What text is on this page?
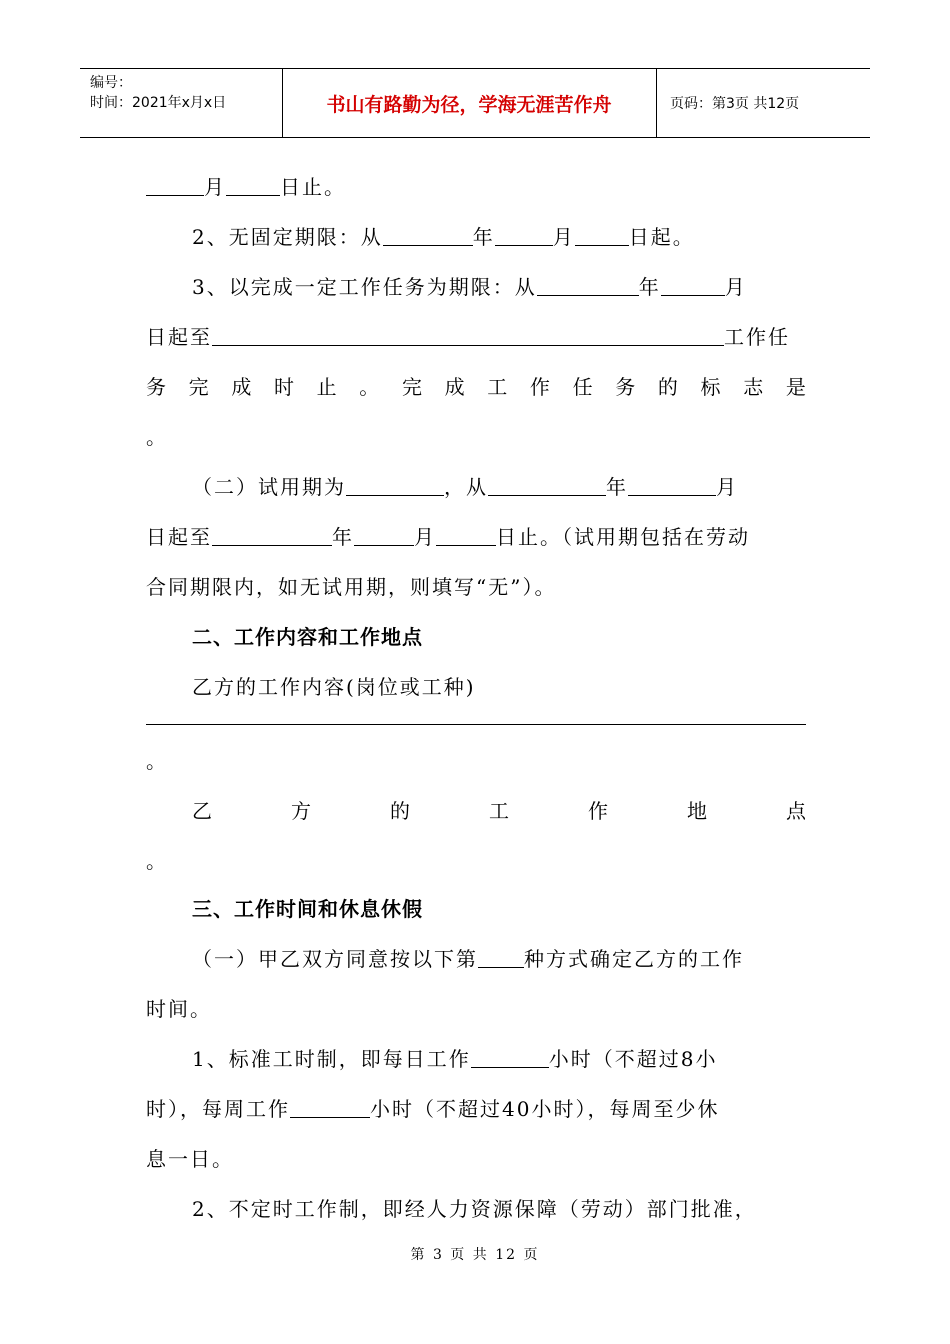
编号：
时间：2021年x月x日	书山有路勤为径，学海无涯苦作舟	页码：第3页 共12页
月	日止。
2、无固定期限：从	年	月	日起。
3、以完成一定工作任务为期限：从	年	月
日起至	工作任
务 完 成 时 止 。 完 成 工 作 任 务 的 标 志 是
。
（二）试用期为	，从	年	月
日起至	年	月	日止。（试用期包括在劳动
合同期限内，如无试用期，则填写“无”）。
二、工作内容和工作地点
乙方的工作内容(岗位或工种)
。
乙	方	的	工	作	地	点
。
三、工作时间和休息休假
（一）甲乙双方同意按以下第 种方式确定乙方的工作
时间。
1、标准工时制，即每日工作	小时（不超过8小
时），每周工作	小时（不超过40小时），每周至少休
息一日。
2、不定时工作制，即经人力资源保障（劳动）部门批准，
第 3 页 共 12 页
